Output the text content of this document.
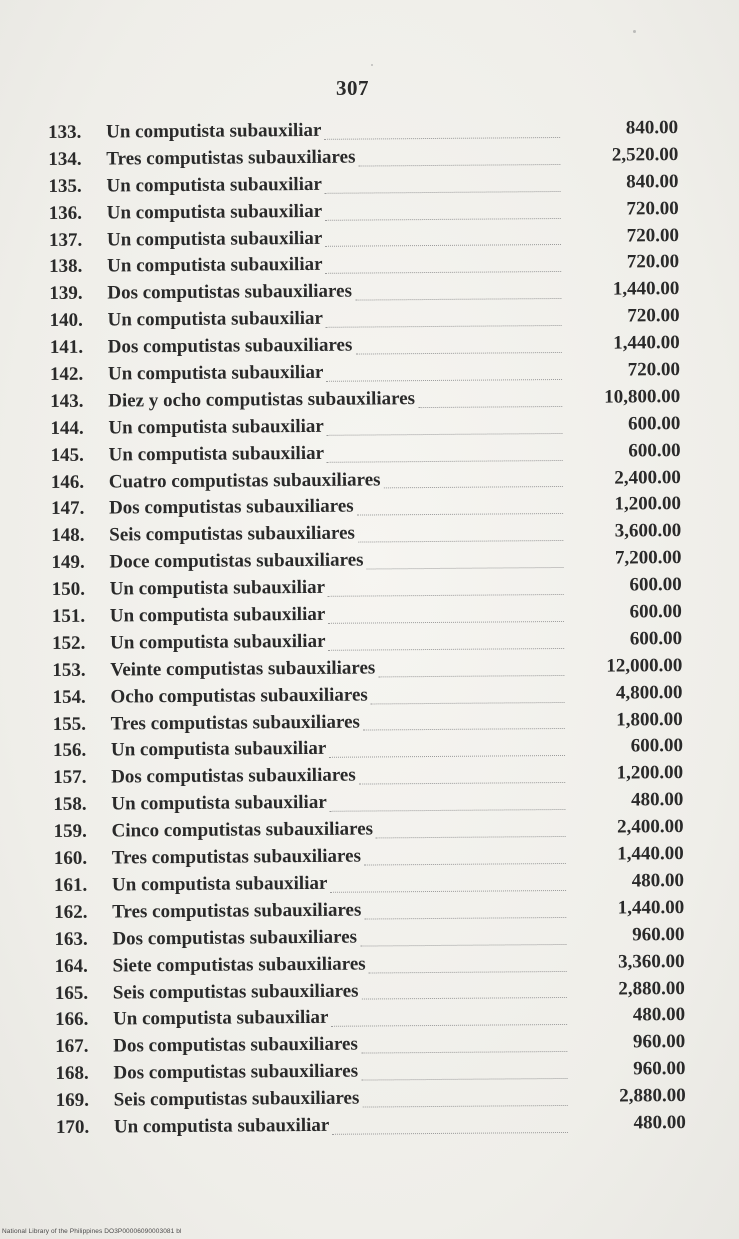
307
133.	Un computista subauxiliar	840.00
134.	Tres computistas subauxiliares	2,520.00
135.	Un computista subauxiliar	840.00
136.	Un computista subauxiliar	720.00
137.	Un computista subauxiliar	720.00
138.	Un computista subauxiliar	720.00
139.	Dos computistas subauxiliares	1,440.00
140.	Un computista subauxiliar	720.00
141.	Dos computistas subauxiliares	1,440.00
142.	Un computista subauxiliar	720.00
143.	Diez y ocho computistas subauxiliares	10,800.00
144.	Un computista subauxiliar	600.00
145.	Un computista subauxiliar	600.00
146.	Cuatro computistas subauxiliares	2,400.00
147.	Dos computistas subauxiliares	1,200.00
148.	Seis computistas subauxiliares	3,600.00
149.	Doce computistas subauxiliares	7,200.00
150.	Un computista subauxiliar	600.00
151.	Un computista subauxiliar	600.00
152.	Un computista subauxiliar	600.00
153.	Veinte computistas subauxiliares	12,000.00
154.	Ocho computistas subauxiliares	4,800.00
155.	Tres computistas subauxiliares	1,800.00
156.	Un computista subauxiliar	600.00
157.	Dos computistas subauxiliares	1,200.00
158.	Un computista subauxiliar	480.00
159.	Cinco computistas subauxiliares	2,400.00
160.	Tres computistas subauxiliares	1,440.00
161.	Un computista subauxiliar	480.00
162.	Tres computistas subauxiliares	1,440.00
163.	Dos computistas subauxiliares	960.00
164.	Siete computistas subauxiliares	3,360.00
165.	Seis computistas subauxiliares	2,880.00
166.	Un computista subauxiliar	480.00
167.	Dos computistas subauxiliares	960.00
168.	Dos computistas subauxiliares	960.00
169.	Seis computistas subauxiliares	2,880.00
170.	Un computista subauxiliar	480.00
National Library of the Philippines DO3P00006090003081 bl
